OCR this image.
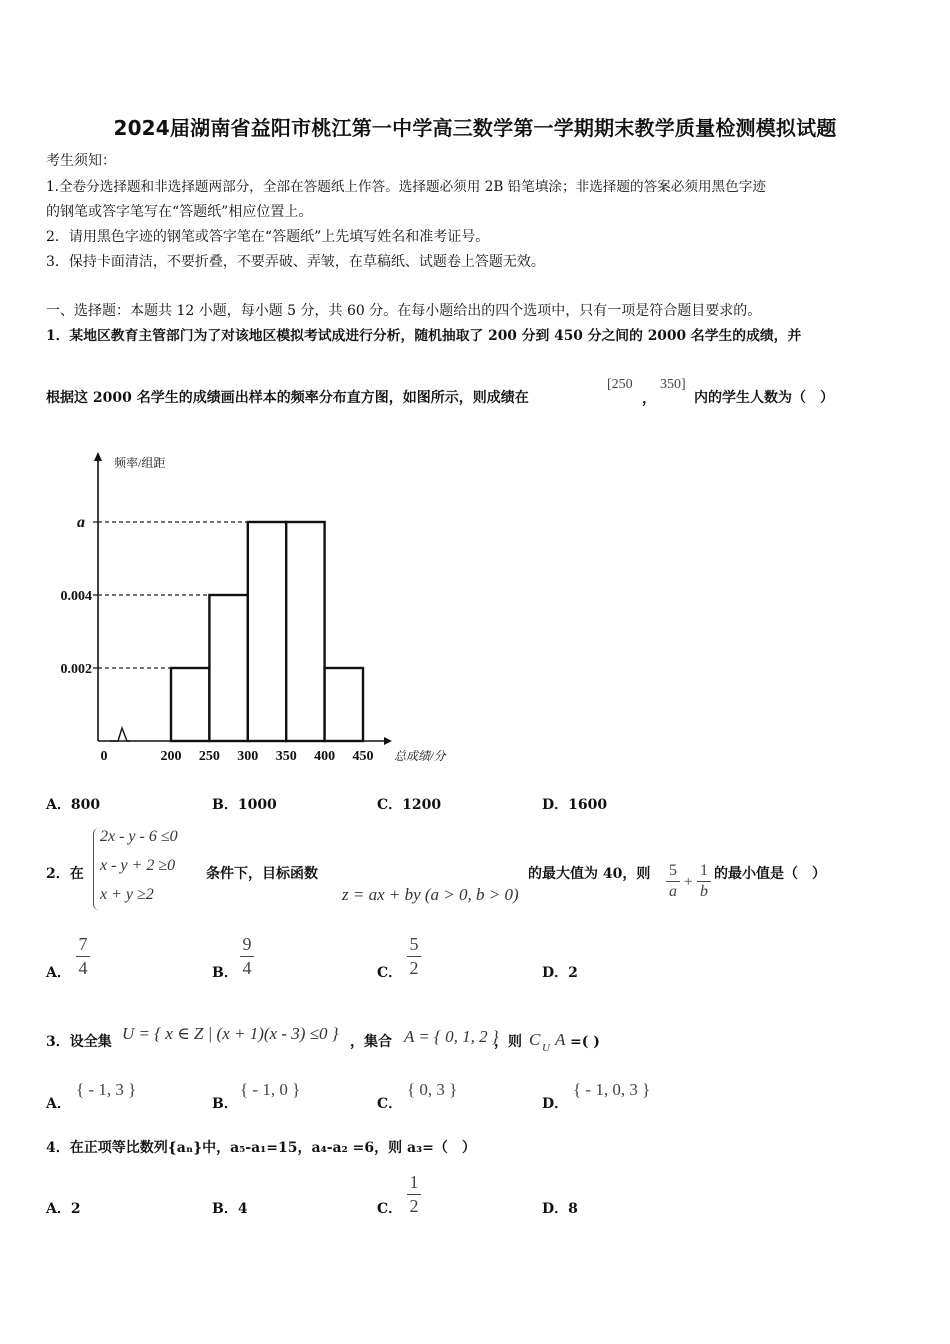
2024届湖南省益阳市桃江第一中学高三数学第一学期期末教学质量检测模拟试题
考生须知：
1.全卷分选择题和非选择题两部分，全部在答题纸上作答。选择题必须用 2B 铅笔填涂；非选择题的答案必须用黑色字迹
的钢笔或答字笔写在“答题纸”相应位置上。
2．请用黑色字迹的钢笔或答字笔在“答题纸”上先填写姓名和准考证号。
3．保持卡面清洁，不要折叠，不要弄破、弄皱，在草稿纸、试题卷上答题无效。
一、选择题：本题共 12 小题，每小题 5 分，共 60 分。在每小题给出的四个选项中，只有一项是符合题目要求的。
1．某地区教育主管部门为了对该地区模拟考试成进行分析，随机抽取了 200 分到 450 分之间的 2000 名学生的成绩，并
根据这 2000 名学生的成绩画出样本的频率分布直方图，如图所示，则成绩在
[250
，
350]
内的学生人数为（　）
0.002
0.004
a
0	200 250 300 350 400 450
频率/组距
总成绩/分
A．800	B．1000	C．1200	D．1600
2．在
2x - y - 6 ≤0
x - y + 2 ≥0
x + y ≥2
条件下，目标函数
z = ax + by (a > 0, b > 0)
的最大值为 40，则 5
a
+
1
b
的最小值是（　）
A．
7
4	B．
9
4	C．
5
2	D．2
3．设全集 U = { x ∈ Z | (x + 1)(x - 3) ≤0 } ，集合 A = { 0, 1, 2 }
，则 C U A =( )
A．
{ - 1, 3 }
B．
{ - 1, 0 }
C．
{ 0, 3 }
D．
{ - 1, 0, 3 }
4．在正项等比数列{aₙ}中，a₅-a₁=15，a₄-a₂ =6，则 a₃=（　）
A．2	B．4	C．
1
2	D．8
